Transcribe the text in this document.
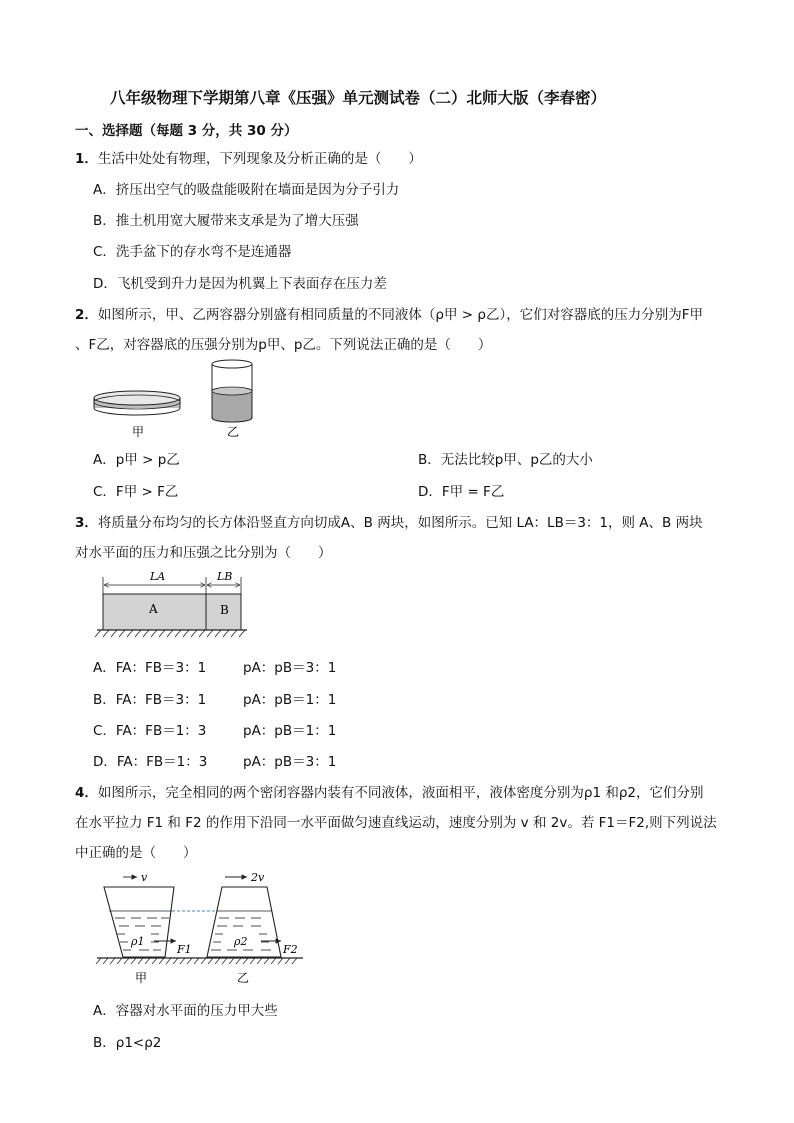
八年级物理下学期第八章《压强》单元测试卷（二）北师大版（李春密）
一、选择题（每题 3 分，共 30 分）
1．生活中处处有物理，下列现象及分析正确的是（　　）
A．挤压出空气的吸盘能吸附在墙面是因为分子引力
B．推土机用宽大履带来支承是为了增大压强
C．洗手盆下的存水弯不是连通器
D．飞机受到升力是因为机翼上下表面存在压力差
2．如图所示，甲、乙两容器分别盛有相同质量的不同液体（ρ甲 > ρ乙），它们对容器底的压力分别为F甲
、F乙，对容器底的压强分别为p甲、p乙。下列说法正确的是（　　）
甲	乙
A．p甲 > p乙	B．无法比较p甲、p乙的大小
C．F甲 > F乙	D．F甲 = F乙
3．将质量分布均匀的长方体沿竖直方向切成A、B 两块，如图所示。已知 LA：LB＝3：1，则 A、B 两块
对水平面的压力和压强之比分别为（　　）
LA	LB
A	B
A．FA：FB＝3：1	pA：pB＝3：1
B．FA：FB＝3：1	pA：pB＝1：1
C．FA：FB＝1：3	pA：pB＝1：1
D．FA：FB＝1：3	pA：pB＝3：1
4．如图所示，完全相同的两个密闭容器内装有不同液体，液面相平，液体密度分别为ρ1 和ρ2，它们分别
在水平拉力 F1 和 F2 的作用下沿同一水平面做匀速直线运动，速度分别为 v 和 2v。若 F1＝F2,则下列说法
中正确的是（　　）
v	2v
ρ1
F1
ρ2
F2
甲	乙
A．容器对水平面的压力甲大些
B．ρ1<ρ2
